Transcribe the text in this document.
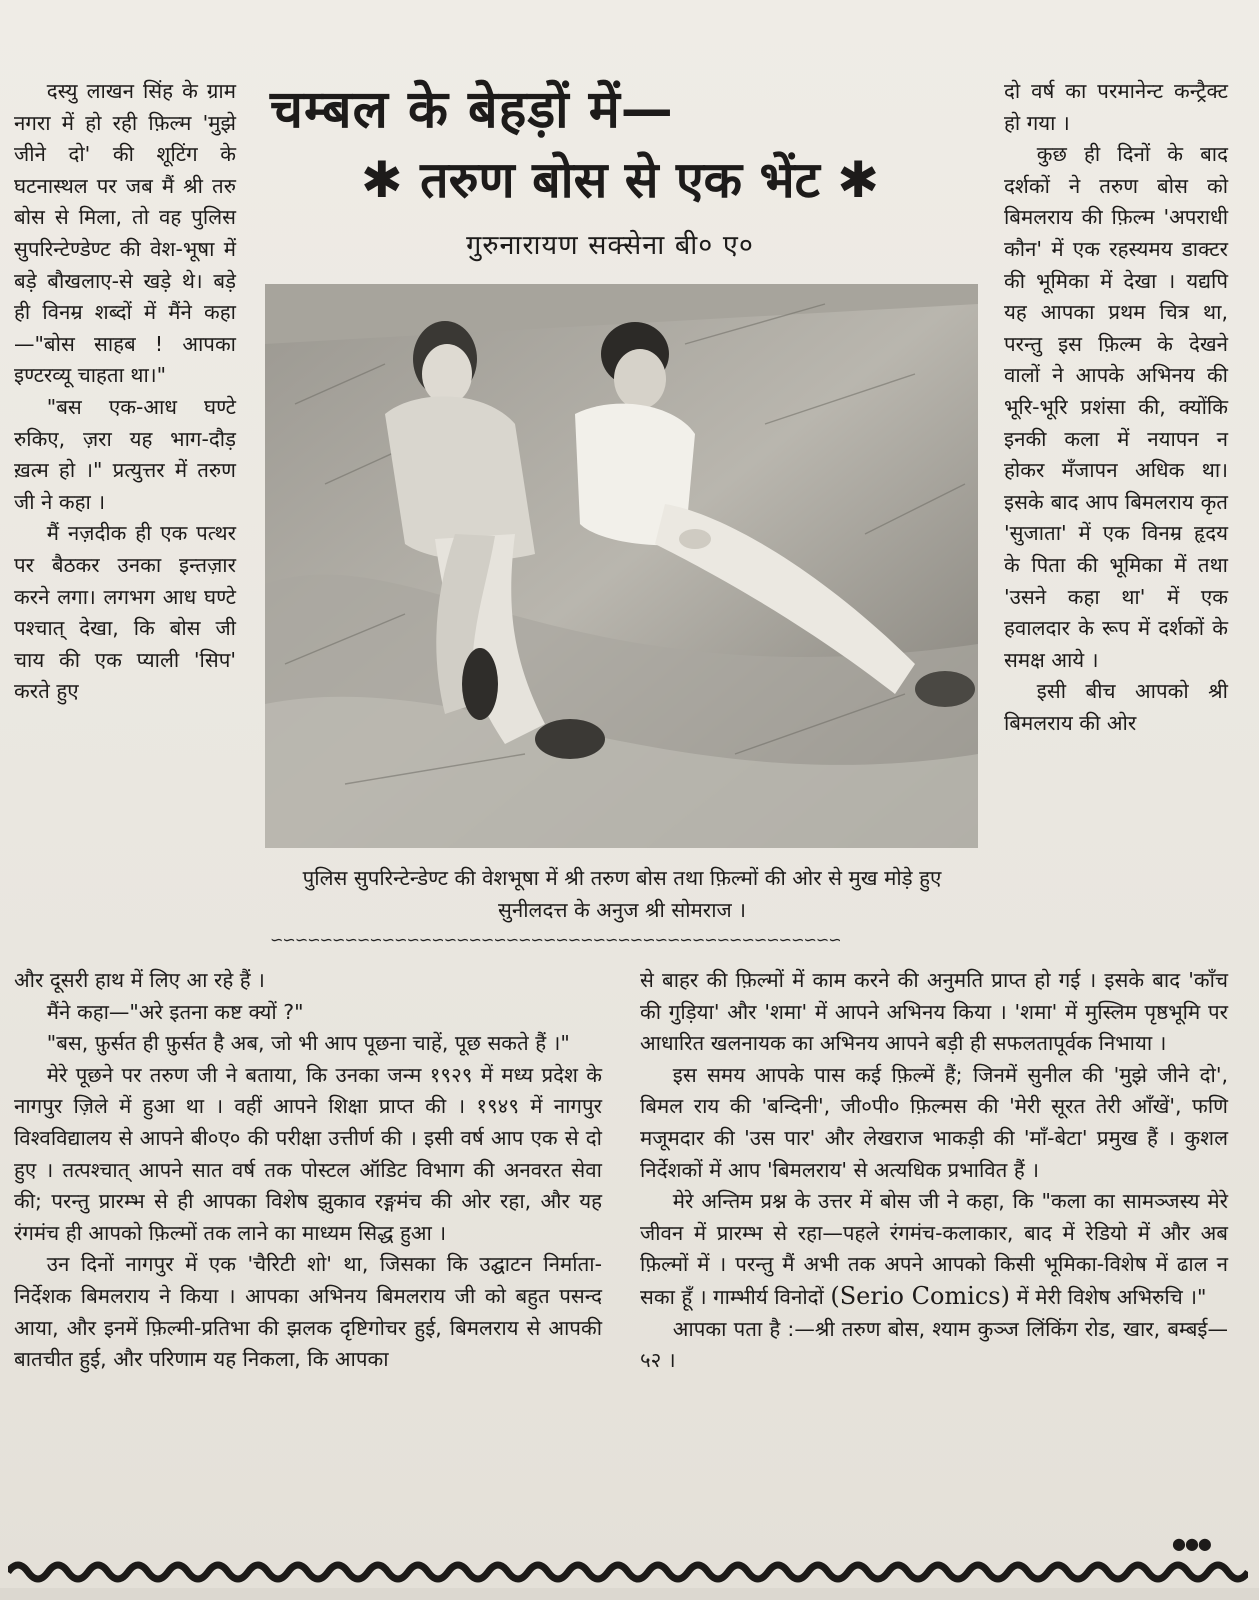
दस्यु लाखन सिंह के ग्राम नगरा में हो रही फ़िल्म 'मुझे जीने दो' की शूटिंग के घटनास्थल पर जब मैं श्री तरु बोस से मिला, तो वह पुलिस सुपरिन्टेण्डेण्ट की वेश-भूषा में बड़े बौखलाए-से खड़े थे। बड़े ही विनम्र शब्दों में मैंने कहा—"बोस साहब ! आपका इण्टरव्यू चाहता था।"

"बस एक-आध घण्टे रुकिए, ज़रा यह भाग-दौड़ ख़त्म हो ।" प्रत्युत्तर में तरुण जी ने कहा ।

मैं नज़दीक ही एक पत्थर पर बैठकर उनका इन्तज़ार करने लगा। लगभग आध घण्टे पश्चात् देखा, कि बोस जी चाय की एक प्याली 'सिप' करते हुए

चम्बल के बेहड़ों में—
✱ तरुण बोस से एक भेंट ✱
गुरुनारायण सक्सेना बी० ए०
पुलिस सुपरिन्टेन्डेण्ट की वेशभूषा में श्री तरुण बोस तथा फ़िल्मों की ओर से मुख मोड़े हुए सुनीलदत्त के अनुज श्री सोमराज ।
∽∽∽∽∽∽∽∽∽∽∽∽∽∽∽∽∽∽∽∽∽∽∽∽∽∽∽∽∽∽∽∽∽∽∽∽∽∽∽∽∽∽∽∽∽∽

दो वर्ष का परमानेन्ट कन्ट्रैक्ट हो गया ।

कुछ ही दिनों के बाद दर्शकों ने तरुण बोस को बिमलराय की फ़िल्म 'अपराधी कौन' में एक रहस्यमय डाक्टर की भूमिका में देखा । यद्यपि यह आपका प्रथम चित्र था, परन्तु इस फ़िल्म के देखने वालों ने आपके अभिनय की भूरि-भूरि प्रशंसा की, क्योंकि इनकी कला में नयापन न होकर मँजापन अधिक था। इसके बाद आप बिमलराय कृत 'सुजाता' में एक विनम्र हृदय के पिता की भूमिका में तथा 'उसने कहा था' में एक हवालदार के रूप में दर्शकों के समक्ष आये ।

इसी बीच आपको श्री बिमलराय की ओर

और दूसरी हाथ में लिए आ रहे हैं ।

मैंने कहा—"अरे इतना कष्ट क्यों ?"

"बस, फ़ुर्सत ही फ़ुर्सत है अब, जो भी आप पूछना चाहें, पूछ सकते हैं ।"

मेरे पूछने पर तरुण जी ने बताया, कि उनका जन्म १९२९ में मध्य प्रदेश के नागपुर ज़िले में हुआ था । वहीं आपने शिक्षा प्राप्त की । १९४९ में नागपुर विश्वविद्यालय से आपने बी०ए० की परीक्षा उत्तीर्ण की । इसी वर्ष आप एक से दो हुए । तत्पश्चात् आपने सात वर्ष तक पोस्टल ऑडिट विभाग की अनवरत सेवा की; परन्तु प्रारम्भ से ही आपका विशेष झुकाव रङ्गमंच की ओर रहा, और यह रंगमंच ही आपको फ़िल्मों तक लाने का माध्यम सिद्ध हुआ ।

उन दिनों नागपुर में एक 'चैरिटी शो' था, जिसका कि उद्घाटन निर्माता-निर्देशक बिमलराय ने किया । आपका अभिनय बिमलराय जी को बहुत पसन्द आया, और इनमें फ़िल्मी-प्रतिभा की झलक दृष्टिगोचर हुई, बिमलराय से आपकी बातचीत हुई, और परिणाम यह निकला, कि आपका

से बाहर की फ़िल्मों में काम करने की अनुमति प्राप्त हो गई । इसके बाद 'काँच की गुड़िया' और 'शमा' में आपने अभिनय किया । 'शमा' में मुस्लिम पृष्ठभूमि पर आधारित खलनायक का अभिनय आपने बड़ी ही सफलतापूर्वक निभाया ।

इस समय आपके पास कई फ़िल्में हैं; जिनमें सुनील की 'मुझे जीने दो', बिमल राय की 'बन्दिनी', जी०पी० फ़िल्मस की 'मेरी सूरत तेरी आँखें', फणि मजूमदार की 'उस पार' और लेखराज भाकड़ी की 'माँ-बेटा' प्रमुख हैं । कुशल निर्देशकों में आप 'बिमलराय' से अत्यधिक प्रभावित हैं ।

मेरे अन्तिम प्रश्न के उत्तर में बोस जी ने कहा, कि "कला का सामञ्जस्य मेरे जीवन में प्रारम्भ से रहा—पहले रंगमंच-कलाकार, बाद में रेडियो में और अब फ़िल्मों में । परन्तु मैं अभी तक अपने आपको किसी भूमिका-विशेष में ढाल न सका हूँ । गाम्भीर्य विनोदों (Serio Comics) में मेरी विशेष अभिरुचि ।"

आपका पता है :—श्री तरुण बोस, श्याम कुञ्ज लिंकिंग रोड, खार, बम्बई—५२ ।

●●●
